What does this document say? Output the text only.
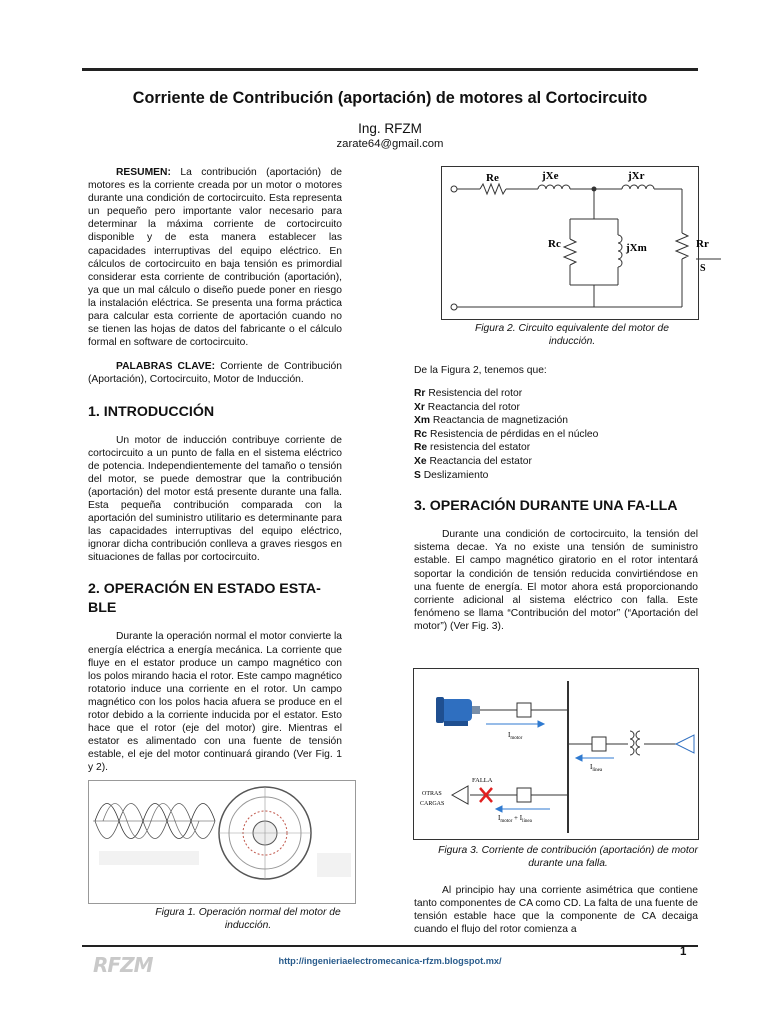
Corriente de Contribución (aportación) de motores al Cortocircuito
Ing. RFZM
zarate64@gmail.com

RESUMEN: La contribución (aportación) de motores es la corriente creada por un motor o motores durante una condición de cortocircuito. Esta representa un pequeño pero importante valor necesario para determinar la máxima corriente de cortocircuito disponible y de esta manera establecer las capacidades interruptivas del equipo eléctrico. En cálculos de cortocircuito en baja tensión es primordial considerar esta corriente de contribución (aportación), ya que un mal cálculo o diseño puede poner en riesgo la instalación eléctrica. Se presenta una forma práctica para calcular esta corriente de aportación cuando no se tienen las hojas de datos del fabricante o el cálculo formal en software de cortocircuito.

PALABRAS CLAVE: Corriente de Contribución (Aportación), Cortocircuito, Motor de Inducción.

1. INTRODUCCIÓN

Un motor de inducción contribuye corriente de cortocircuito a un punto de falla en el sistema eléctrico de potencia. Independientemente del tamaño o tensión del motor, se puede demostrar que la contribución (aportación) del motor está presente durante una falla. Esta pequeña contribución comparada con la aportación del suministro utilitario es determinante para las capacidades interruptivas del equipo eléctrico, ignorar dicha contribución conlleva a graves riesgos en situaciones de fallas por cortocircuito.

2. OPERACIÓN EN ESTADO ESTA-BLE

Durante la operación normal el motor convierte la energía eléctrica a energía mecánica. La corriente que fluye en el estator produce un campo magnético con los polos mirando hacia el rotor. Este campo magnético rotatorio induce una corriente en el rotor. Un campo magnético con los polos hacia afuera se produce en el rotor debido a la corriente inducida por el estator. Esto hace que el rotor (eje del motor) gire. Mientras el estator es alimentado con una fuente de tensión estable, el eje del motor continuará girando (Ver Fig. 1 y 2).

Figura 1. Operación normal del motor de inducción.

Re	jXe	jXr
Rc	jXm	Rr
S

Figura 2. Circuito equivalente del motor de inducción.

De la Figura 2, tenemos que:

Rr Resistencia del rotor
Xr Reactancia del rotor
Xm Reactancia de magnetización
Rc Resistencia de pérdidas en el núcleo
Re resistencia del estator
Xe Reactancia del estator
S Deslizamiento

3. OPERACIÓN DURANTE UNA FA-LLA

Durante una condición de cortocircuito, la tensión del sistema decae. Ya no existe una tensión de suministro estable. El campo magnético giratorio en el rotor intentará soportar la condición de tensión reducida convirtiéndose en una fuente de energía. El motor ahora está proporcionando corriente adicional al sistema eléctrico con falla. Este fenómeno se llama “Contribución del motor” (“Aportación del motor”) (Ver Fig. 3).

FALLA
OTRAS
CARGAS
$I_{motor}$
$I_{línea}$
$I_{motor} + I_{línea}$

Figura 3. Corriente de contribución (aportación) de motor durante una falla.

Al principio hay una corriente asimétrica que contiene tanto componentes de CA como CD. La falta de una fuente de tensión estable hace que la componente de CA decaiga cuando el flujo del rotor comienza a

RFZM	http://ingenieriaelectromecanica-rfzm.blogspot.mx/
1
